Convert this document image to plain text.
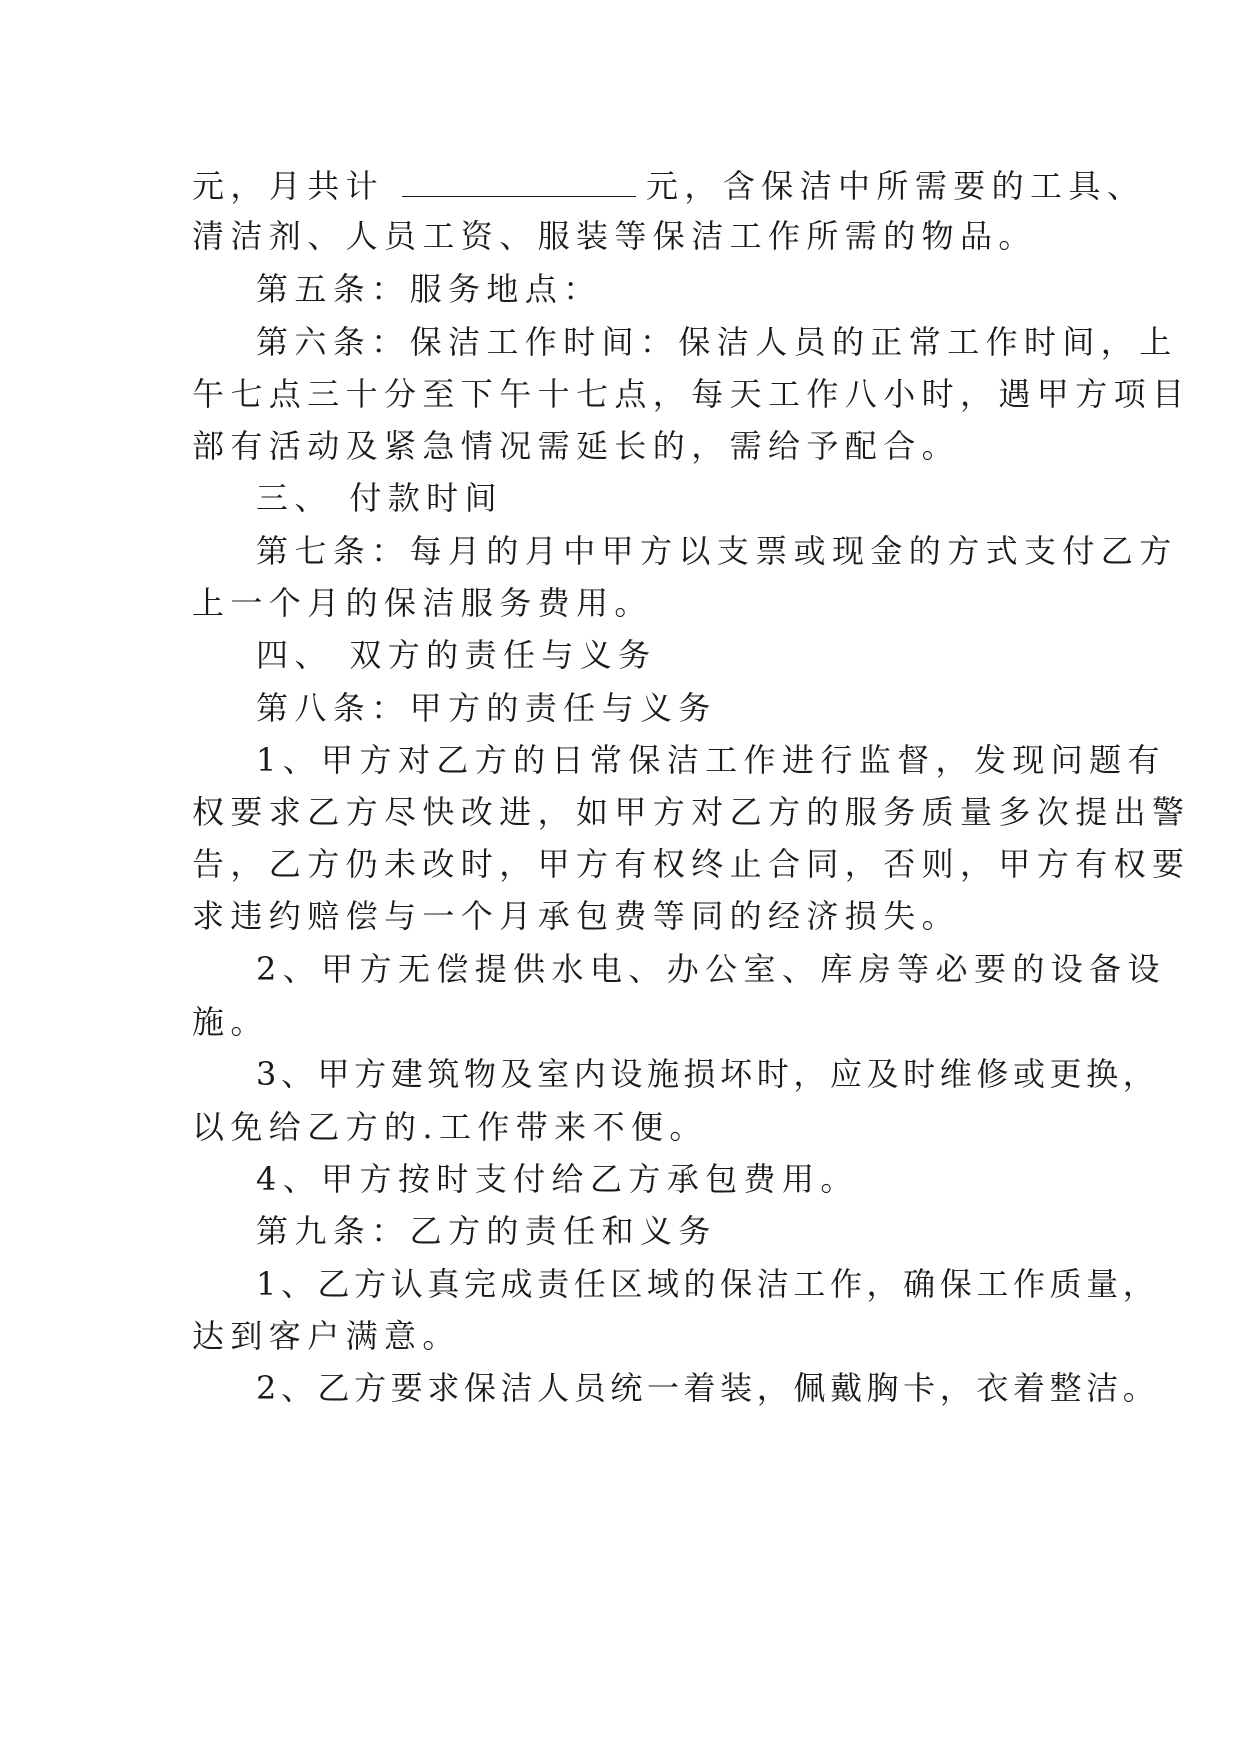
元，月共计	元，含保洁中所需要的工具、
清洁剂、人员工资、服装等保洁工作所需的物品。
第五条：服务地点：
第六条：保洁工作时间：保洁人员的正常工作时间，上
午七点三十分至下午十七点，每天工作八小时，遇甲方项目
部有活动及紧急情况需延长的，需给予配合。
三、 付款时间
第七条：每月的月中甲方以支票或现金的方式支付乙方
上一个月的保洁服务费用。
四、 双方的责任与义务
第八条：甲方的责任与义务
1、甲方对乙方的日常保洁工作进行监督，发现问题有
权要求乙方尽快改进，如甲方对乙方的服务质量多次提出警
告，乙方仍未改时，甲方有权终止合同，否则，甲方有权要
求违约赔偿与一个月承包费等同的经济损失。
2、甲方无偿提供水电、办公室、库房等必要的设备设
施。
3、甲方建筑物及室内设施损坏时，应及时维修或更换，
以免给乙方的.工作带来不便。
4、甲方按时支付给乙方承包费用。
第九条：乙方的责任和义务
1、乙方认真完成责任区域的保洁工作，确保工作质量，
达到客户满意。
2、乙方要求保洁人员统一着装，佩戴胸卡，衣着整洁。
